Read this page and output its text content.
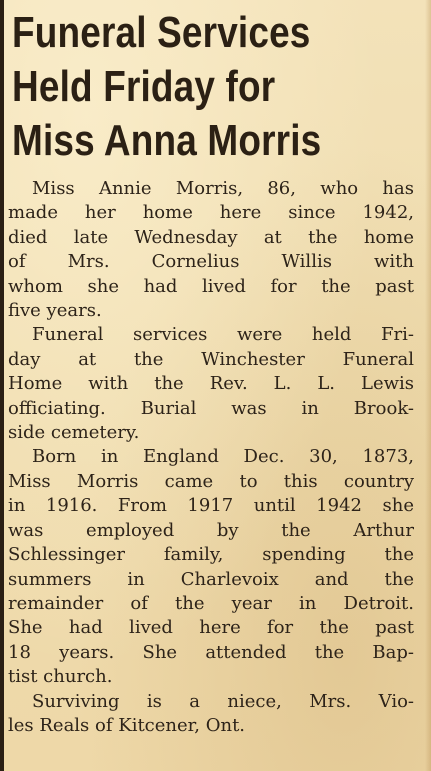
Funeral Services
Held Friday for
Miss Anna Morris

Miss Annie Morris, 86, who has
made her home here since 1942,
died late Wednesday at the home
of Mrs. Cornelius Willis with
whom she had lived for the past
five years.

Funeral services were held Fri-
day at the Winchester Funeral
Home with the Rev. L. L. Lewis
officiating. Burial was in Brook-
side cemetery.

Born in England Dec. 30, 1873,
Miss Morris came to this country
in 1916. From 1917 until 1942 she
was employed by the Arthur
Schlessinger family, spending the
summers in Charlevoix and the
remainder of the year in Detroit.
She had lived here for the past
18 years. She attended the Bap-
tist church.

Surviving is a niece, Mrs. Vio-
les Reals of Kitcener, Ont.
